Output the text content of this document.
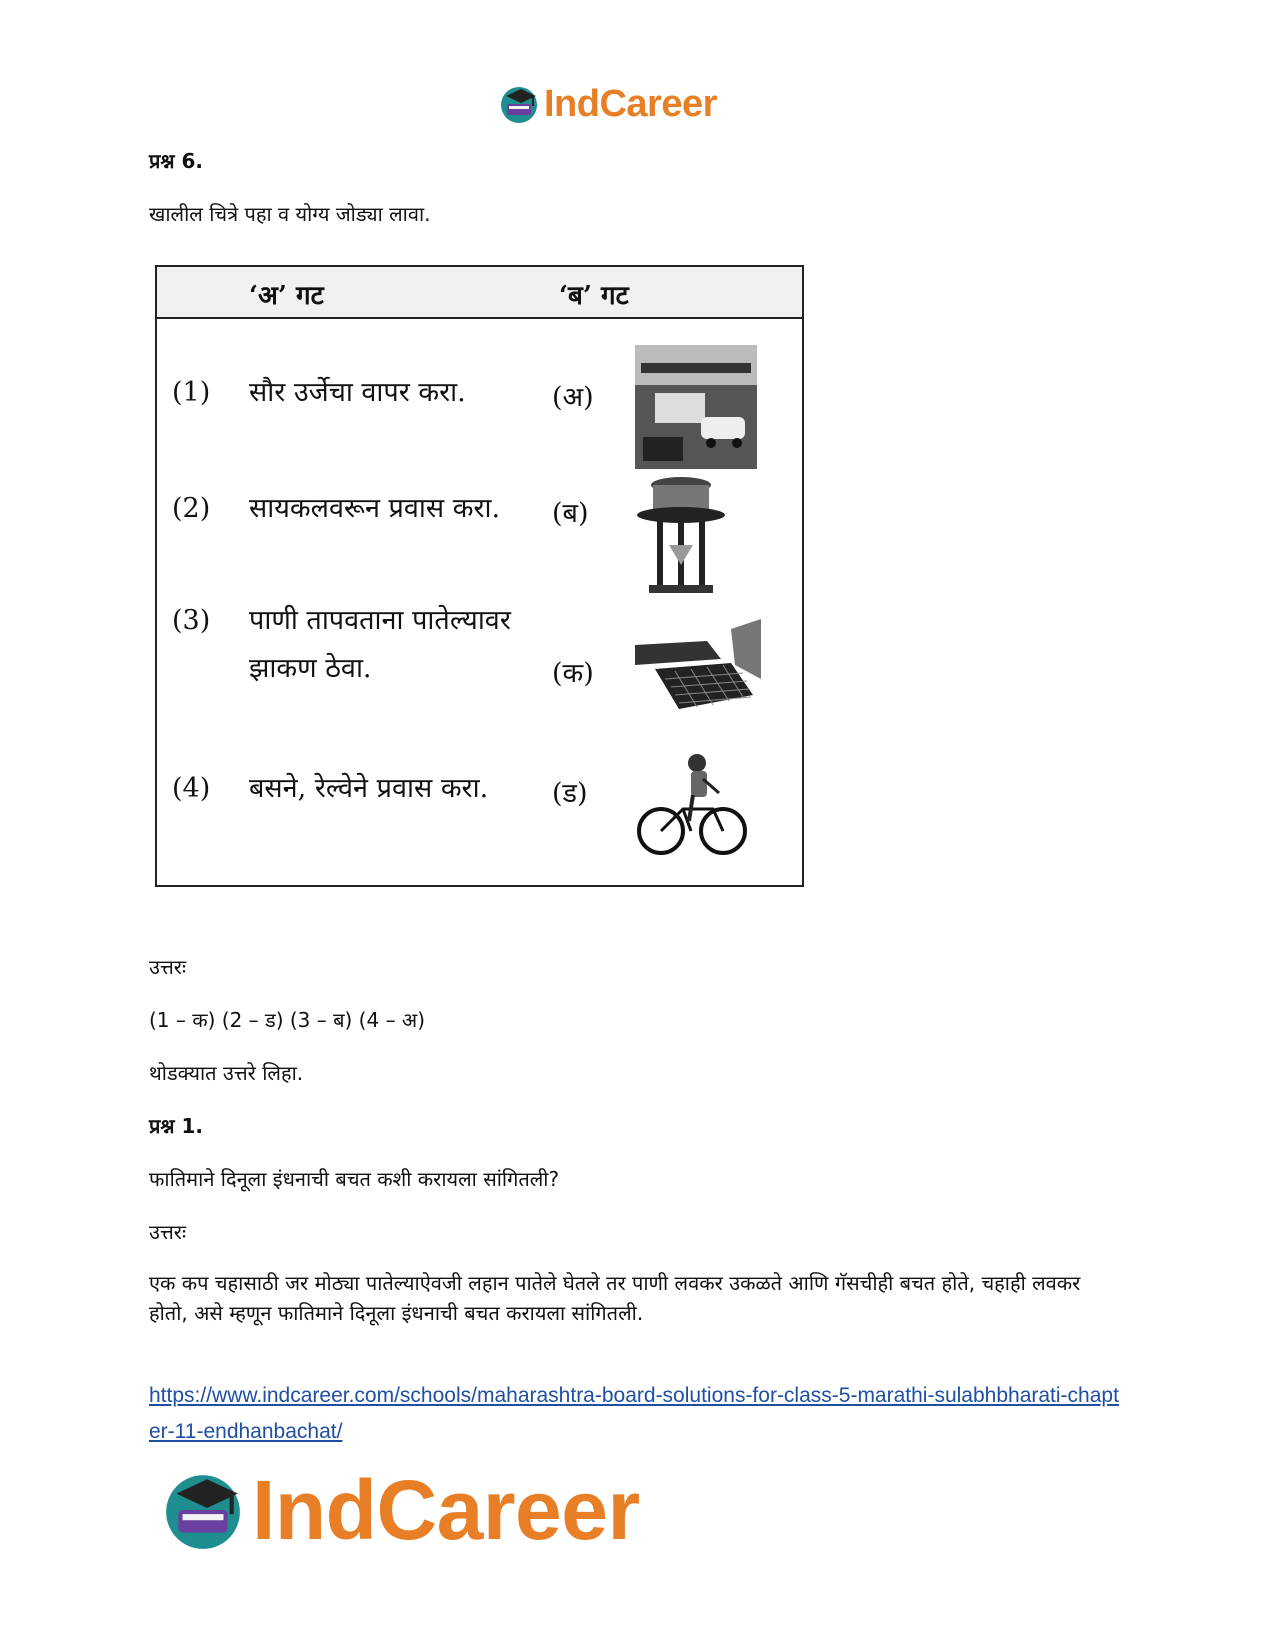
IndCareer

प्रश्न 6.

खालील चित्रे पहा व योग्य जोड्या लावा.

‘अ’ गट	‘ब’ गट
(1) सौर उर्जेचा वापर करा.	(अ)
(2) सायकलवरून प्रवास करा. (ब)
(3) पाणी तापवताना पातेल्यावर झाकण ठेवा.	(क)
(4) बसने, रेल्वेने प्रवास करा. (ड)

उत्तरः

(1 – क) (2 – ड) (3 – ब) (4 – अ)

थोडक्यात उत्तरे लिहा.

प्रश्न 1.

फातिमाने दिनूला इंधनाची बचत कशी करायला सांगितली?

उत्तरः

एक कप चहासाठी जर मोठ्या पातेल्याऐवजी लहान पातेले घेतले तर पाणी लवकर उकळते आणि गॅसचीही बचत होते, चहाही लवकर होतो, असे म्हणून फातिमाने दिनूला इंधनाची बचत करायला सांगितली.

https://www.indcareer.com/schools/maharashtra-board-solutions-for-class-5-marathi-sulabhbharati-chapter-11-endhanbachat/
IndCareer
